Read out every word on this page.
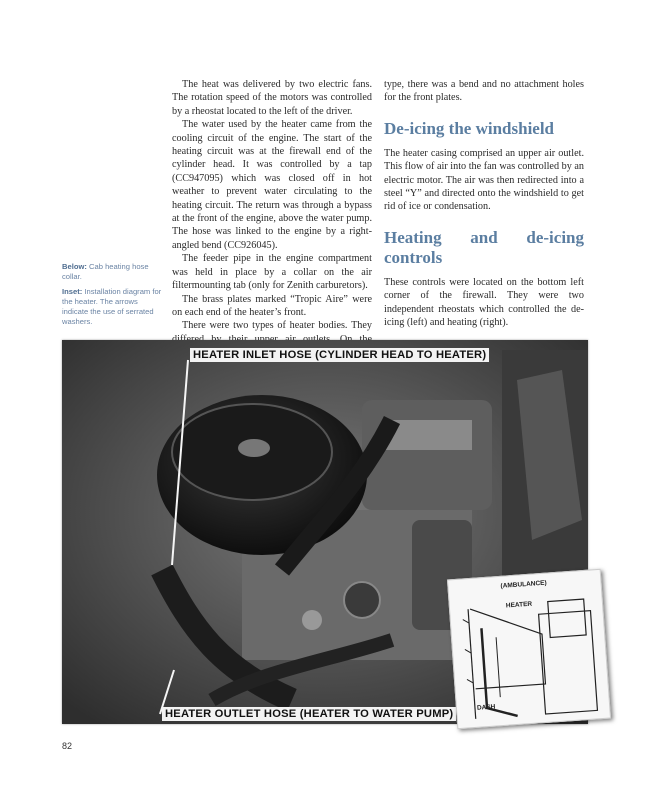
The heat was delivered by two electric fans. The rotation speed of the motors was controlled by a rheostat located to the left of the driver.

The water used by the heater came from the cooling circuit of the engine. The start of the heating circuit was at the firewall end of the cylinder head. It was controlled by a tap (CC947095) which was closed off in hot weather to prevent water circulating to the heating circuit. The return was through a bypass at the front of the engine, above the water pump. The hose was linked to the engine by a right-angled bend (CC926045).

The feeder pipe in the engine compartment was held in place by a collar on the air filtermounting tab (only for Zenith carburetors).

The brass plates marked “Tropic Aire” were on each end of the heater’s front.

There were two types of heater bodies. They

type, there was a bend and no attachment holes for the front plates.

De-icing the windshield

The heater casing comprised an upper air outlet. This flow of air into the fan was controlled by an electric motor. The air was then redirected into a steel “Y” and directed onto the windshield to get rid of ice or condensation.

Heating and de-icing controls

These controls were located on the bottom left corner of the firewall. They were two independent rheostats which controlled the de-icing (left) and heating (right).

Below: Cab heating hose collar.

Inset: Installation diagram for the heater. The arrows indicate the use of serrated washers.

HEATER INLET HOSE (CYLINDER HEAD TO HEATER)
HEATER OUTLET HOSE (HEATER TO WATER PUMP)
(AMBULANCE)
HEATER
DASH
82
